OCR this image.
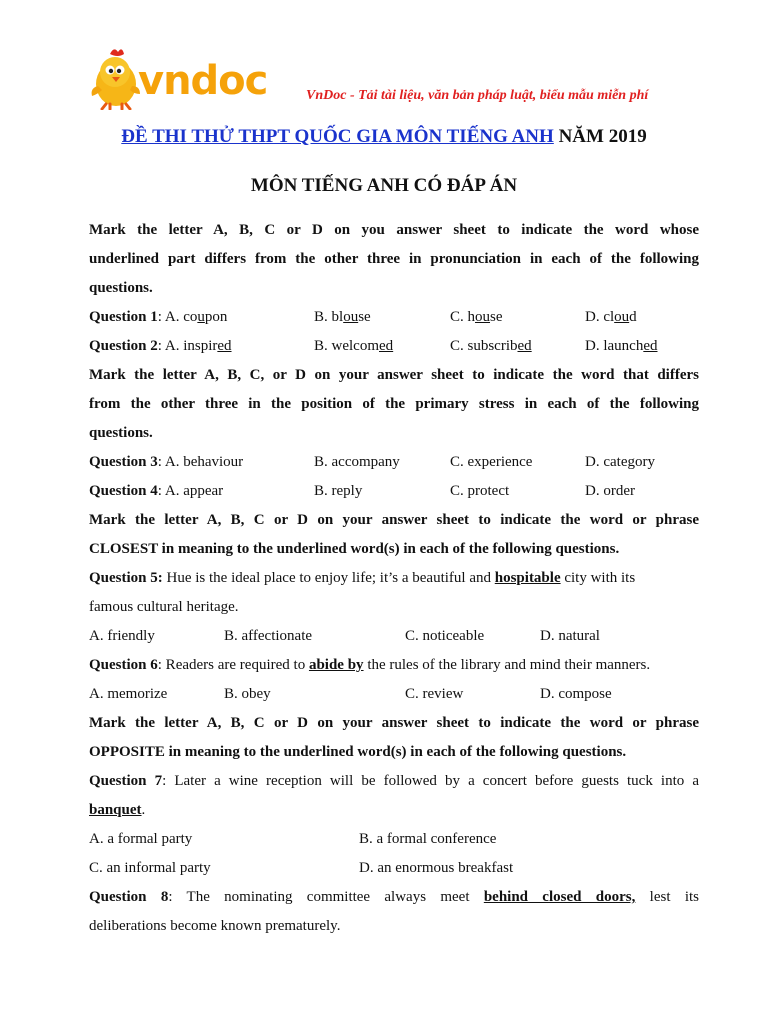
vndoc	VnDoc - Tải tài liệu, văn bản pháp luật, biểu mẫu miễn phí
ĐỀ THI THỬ THPT QUỐC GIA MÔN TIẾNG ANH NĂM 2019
MÔN TIẾNG ANH CÓ ĐÁP ÁN
Mark the letter A, B, C or D on you answer sheet to indicate the word whose
underlined part differs from the other three in pronunciation in each of the following
questions.
Question 1: A. coupon	B. blouse	C. house	D. cloud
Question 2: A. inspired	B. welcomed	C. subscribed	D. launched
Mark the letter A, B, C, or D on your answer sheet to indicate the word that differs
from the other three in the position of the primary stress in each of the following
questions.
Question 3: A. behaviour	B. accompany	C. experience	D. category
Question 4: A. appear	B. reply	C. protect	D. order
Mark the letter A, B, C or D on your answer sheet to indicate the word or phrase
CLOSEST in meaning to the underlined word(s) in each of the following questions.
Question 5: Hue is the ideal place to enjoy life; it’s a beautiful and hospitable city with its
famous cultural heritage.
A. friendly	B. affectionate	C. noticeable	D. natural
Question 6: Readers are required to abide by the rules of the library and mind their manners.
A. memorize	B. obey	C. review	D. compose
Mark the letter A, B, C or D on your answer sheet to indicate the word or phrase
OPPOSITE in meaning to the underlined word(s) in each of the following questions.
Question 7: Later a wine reception will be followed by a concert before guests tuck into a
banquet.
A. a formal party	B. a formal conference
C. an informal party	D. an enormous breakfast
Question 8: The nominating committee always meet behind closed doors, lest its
deliberations become known prematurely.
